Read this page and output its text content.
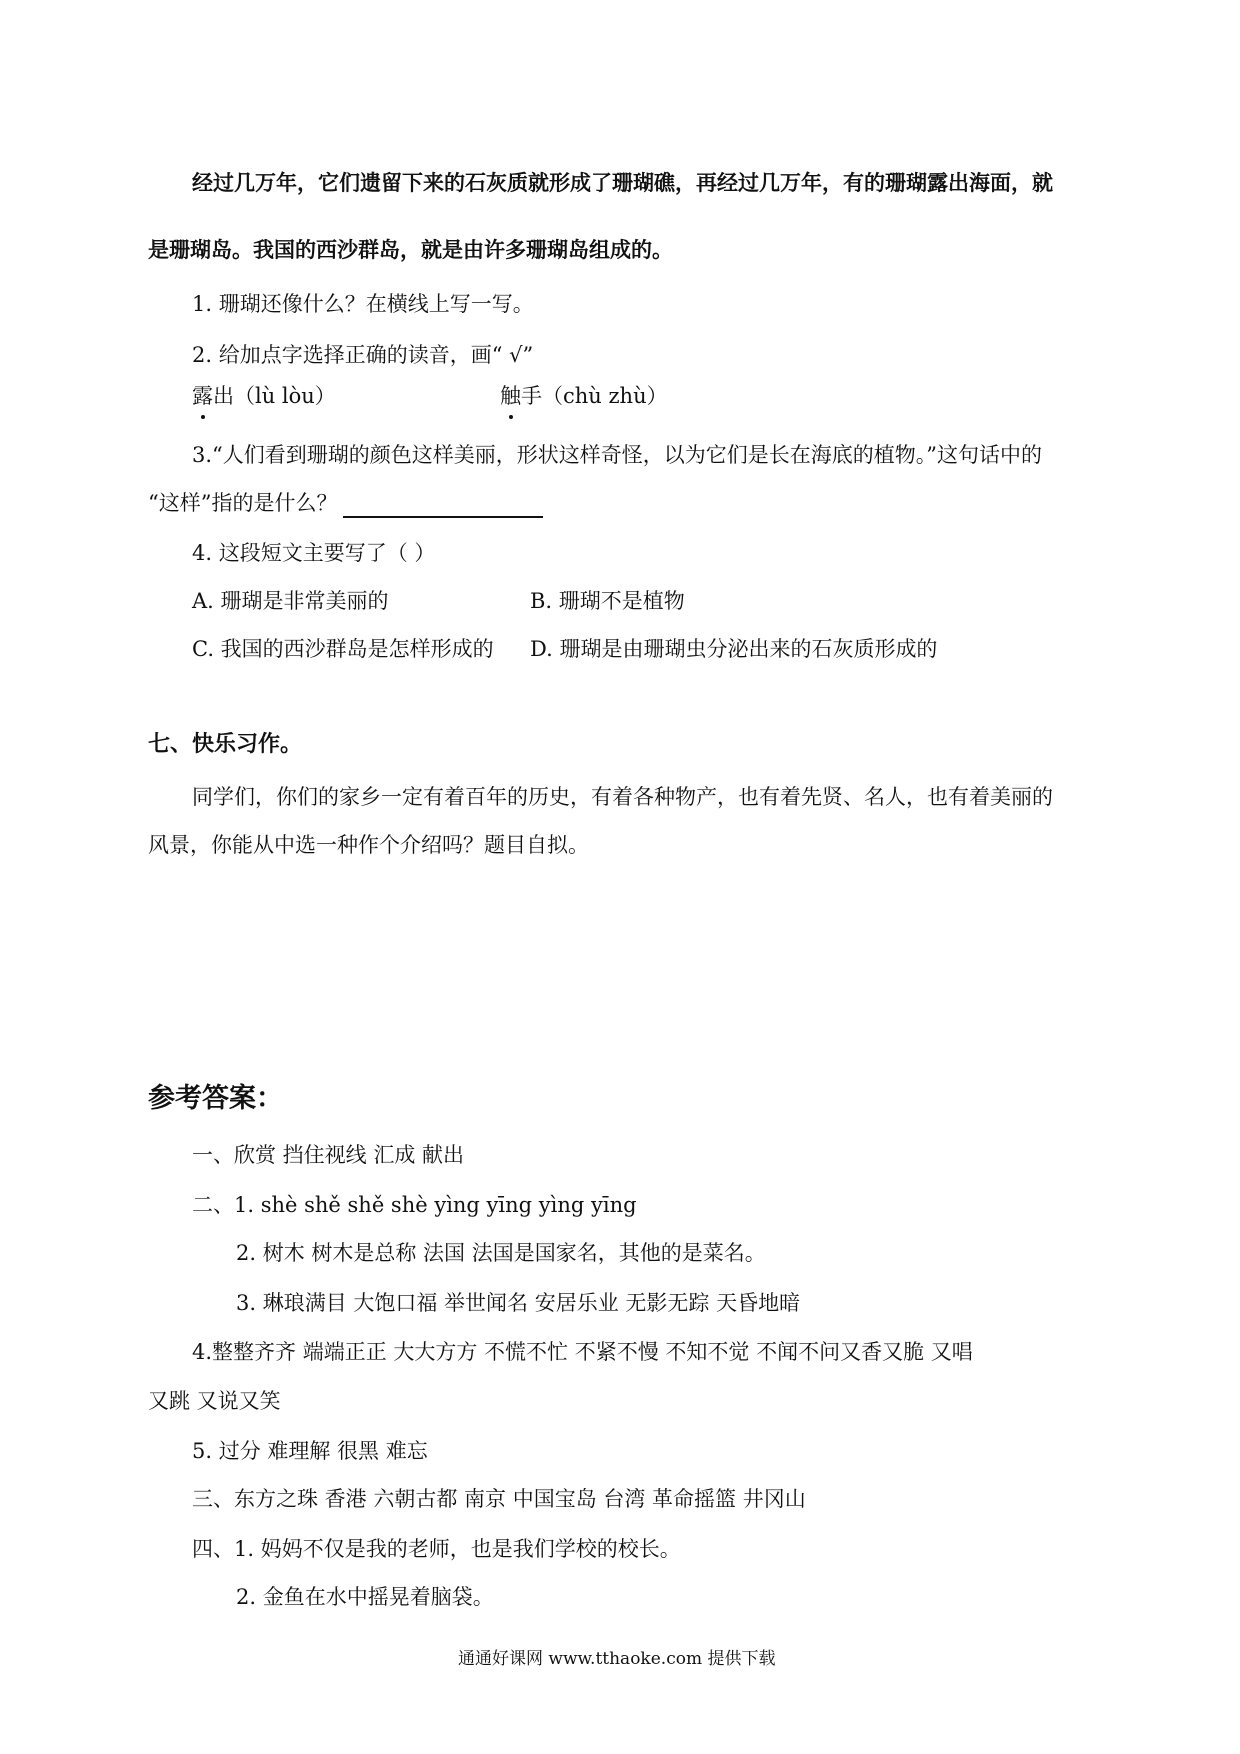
经过几万年，它们遗留下来的石灰质就形成了珊瑚礁，再经过几万年，有的珊瑚露出海面，就
是珊瑚岛。我国的西沙群岛，就是由许多珊瑚岛组成的。
1. 珊瑚还像什么？在横线上写一写。
2. 给加点字选择正确的读音，画“ √”
露出（lù lòu）	触手（chù zhù）
3.“人们看到珊瑚的颜色这样美丽，形状这样奇怪，以为它们是长在海底的植物。”这句话中的
“这样”指的是什么？
4. 这段短文主要写了（ ）
A. 珊瑚是非常美丽的	B. 珊瑚不是植物
C. 我国的西沙群岛是怎样形成的 D. 珊瑚是由珊瑚虫分泌出来的石灰质形成的
七、快乐习作。
同学们，你们的家乡一定有着百年的历史，有着各种物产，也有着先贤、名人，也有着美丽的
风景，你能从中选一种作个介绍吗？题目自拟。
参考答案：
一、欣赏 挡住视线 汇成 献出
二、1. shè shě shě shè yìng yīng yìng yīng
2. 树木 树木是总称 法国 法国是国家名，其他的是菜名。
3. 琳琅满目 大饱口福 举世闻名 安居乐业 无影无踪 天昏地暗
4.整整齐齐 端端正正 大大方方 不慌不忙 不紧不慢 不知不觉 不闻不问又香又脆 又唱
又跳 又说又笑
5. 过分 难理解 很黑 难忘
三、东方之珠 香港 六朝古都 南京 中国宝岛 台湾 革命摇篮 井冈山
四、1. 妈妈不仅是我的老师，也是我们学校的校长。
2. 金鱼在水中摇晃着脑袋。
通通好课网 www.tthaoke.com 提供下载
